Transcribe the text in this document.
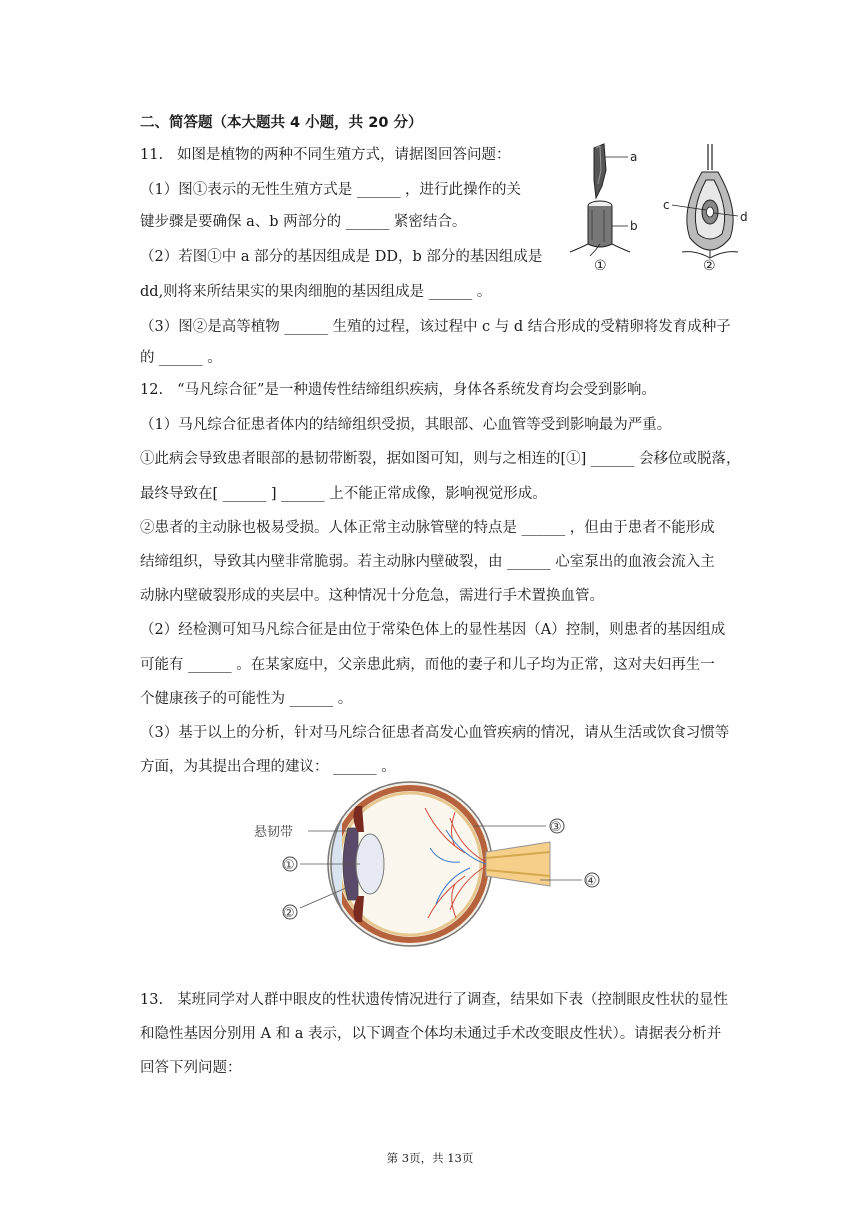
二、简答题（本大题共 4 小题，共 20 分）
11. 如图是植物的两种不同生殖方式，请据图回答问题：
（1）图①表示的无性生殖方式是 ______ ，进行此操作的关
键步骤是要确保 a、b 两部分的 ______ 紧密结合。
（2）若图①中 a 部分的基因组成是 DD，b 部分的基因组成是
dd,则将来所结果实的果肉细胞的基因组成是 ______ 。
（3）图②是高等植物 ______ 生殖的过程，该过程中 c 与 d 结合形成的受精卵将发育成种子
的 ______ 。
a
b
①
c
d
②
12. “马凡综合征”是一种遗传性结缔组织疾病，身体各系统发育均会受到影响。
（1）马凡综合征患者体内的结缔组织受损，其眼部、心血管等受到影响最为严重。
①此病会导致患者眼部的悬韧带断裂，据如图可知，则与之相连的[①] ______ 会移位或脱落，
最终导致在[ ______ ] ______ 上不能正常成像，影响视觉形成。
②患者的主动脉也极易受损。人体正常主动脉管壁的特点是 ______ ，但由于患者不能形成
结缔组织，导致其内壁非常脆弱。若主动脉内壁破裂，由 ______ 心室泵出的血液会流入主
动脉内壁破裂形成的夹层中。这种情况十分危急，需进行手术置换血管。
（2）经检测可知马凡综合征是由位于常染色体上的显性基因（A）控制，则患者的基因组成
可能有 ______ 。在某家庭中，父亲患此病，而他的妻子和儿子均为正常，这对夫妇再生一
个健康孩子的可能性为 ______ 。
（3）基于以上的分析，针对马凡综合征患者高发心血管疾病的情况，请从生活或饮食习惯等
方面，为其提出合理的建议： ______ 。
悬韧带
①
②
③
④
13. 某班同学对人群中眼皮的性状遗传情况进行了调查，结果如下表（控制眼皮性状的显性
和隐性基因分别用 A 和 a 表示，以下调查个体均未通过手术改变眼皮性状）。请据表分析并
回答下列问题：
第 3页，共 13页
